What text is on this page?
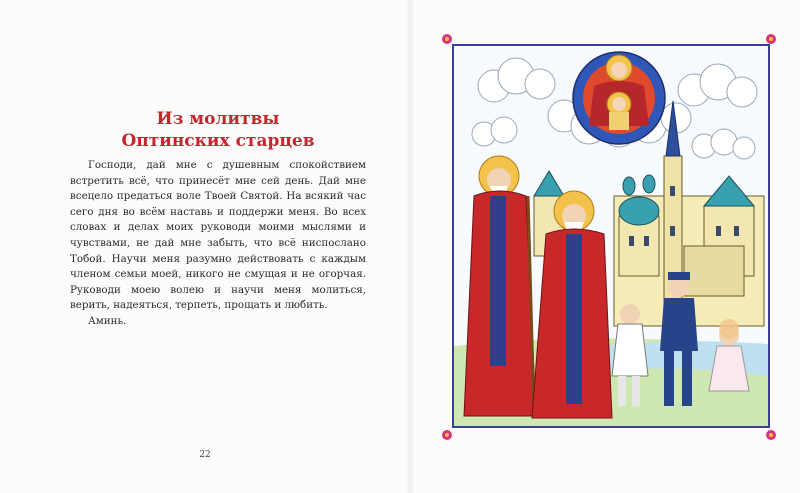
Из молитвы
Оптинских старцев

Господи, дай мне с душевным спокойствием встретить всё, что принесёт мне сей день. Дай мне всецело предаться воле Твоей Святой. На всякий час сего дня во всём наставь и поддержи меня. Во всех словах и делах моих руководи моими мыслями и чувствами, не дай мне забыть, что всё ниспослано Тобой. Научи меня разумно действовать с каждым членом семьи моей, никого не смущая и не огорчая. Руководи моею волею и научи меня молиться, верить, надеяться, терпеть, прощать и любить.

Аминь.

22
